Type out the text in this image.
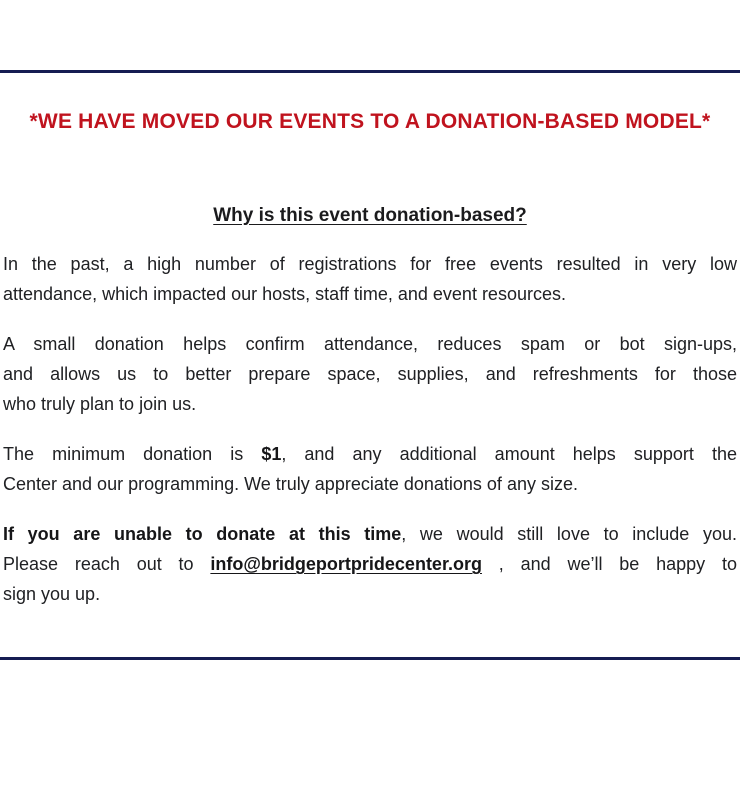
*WE HAVE MOVED OUR EVENTS TO A DONATION-BASED MODEL*
Why is this event donation-based?
In the past, a high number of registrations for free events resulted in very low
attendance, which impacted our hosts, staff time, and event resources.
A small donation helps confirm attendance, reduces spam or bot sign-ups,
and allows us to better prepare space, supplies, and refreshments for those
who truly plan to join us.
The minimum donation is $1, and any additional amount helps support the
Center and our programming. We truly appreciate donations of any size.
If you are unable to donate at this time, we would still love to include you.
Please reach out to info@bridgeportpridecenter.org , and we’ll be happy to
sign you up.
